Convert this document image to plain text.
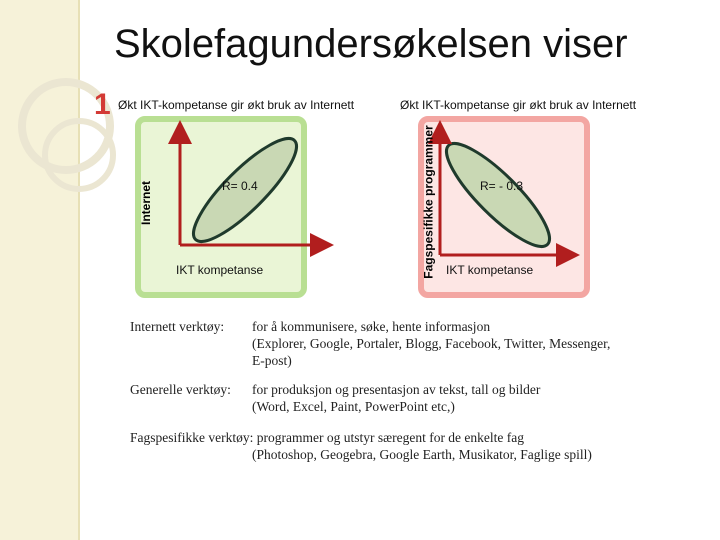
Skolefagundersøkelsen viser
1 Økt IKT-kompetanse gir økt bruk av Internett
Internet	R= 0.4
IKT kompetanse
Økt IKT-kompetanse gir økt bruk av Internett
Fagspesifikke programmer	R= - 0.3
IKT kompetanse
Internett verktøy: for å kommunisere, søke, hente informasjon
(Explorer, Google, Portaler, Blogg, Facebook, Twitter, Messenger,
E-post)
Generelle verktøy: for produksjon og presentasjon av tekst, tall og bilder
(Word, Excel, Paint, PowerPoint etc,)
Fagspesifikke verktøy: programmer og utstyr særegent for de enkelte fag
(Photoshop, Geogebra, Google Earth, Musikator, Faglige spill)
